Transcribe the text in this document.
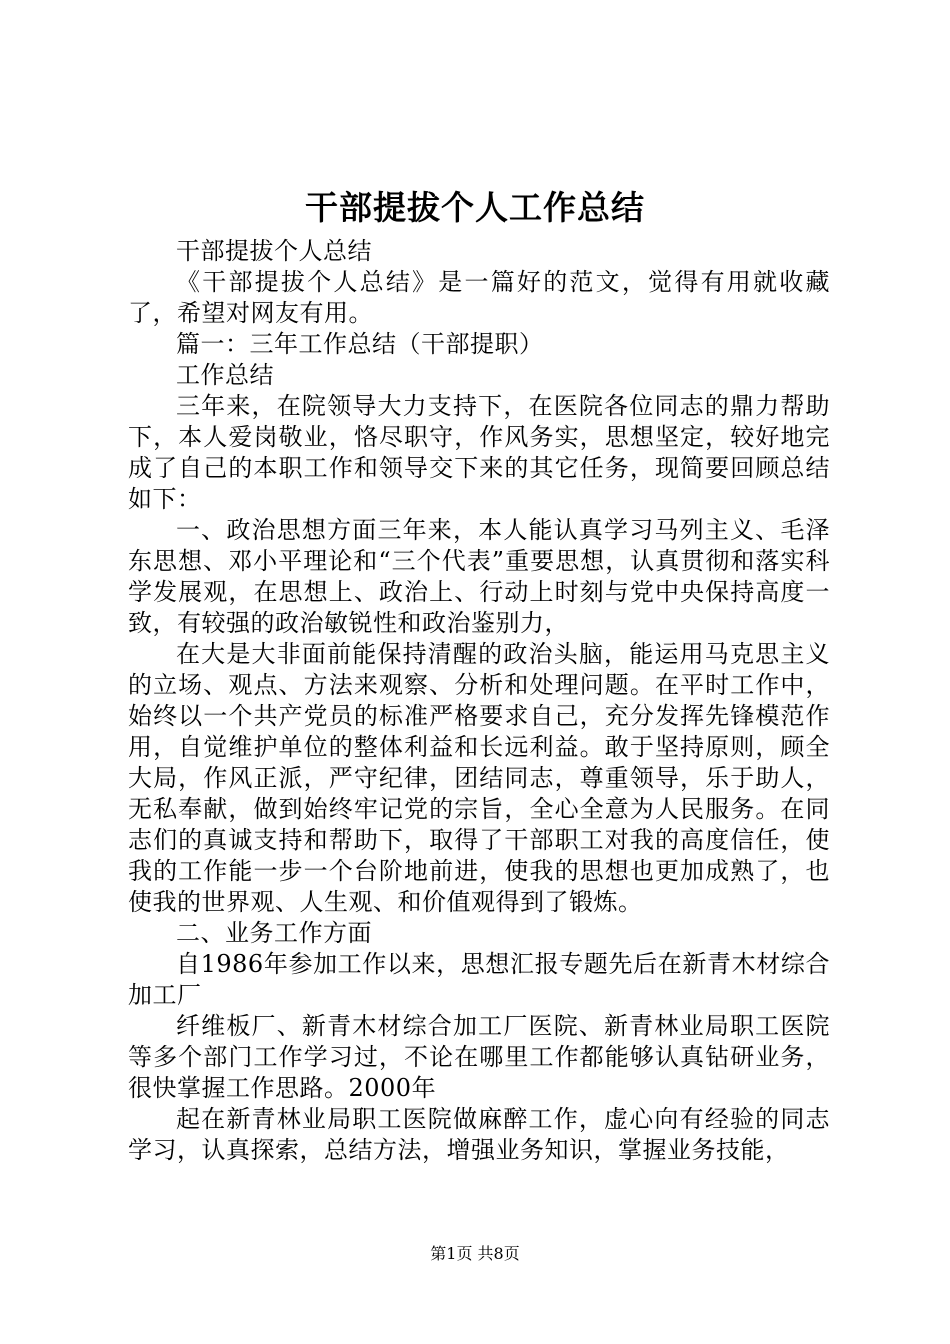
干部提拔个人工作总结

干部提拔个人总结

《干部提拔个人总结》是一篇好的范文，觉得有用就收藏了，希望对网友有用。

篇一：三年工作总结（干部提职）

工作总结

三年来，在院领导大力支持下，在医院各位同志的鼎力帮助下，本人爱岗敬业，恪尽职守，作风务实，思想坚定，较好地完成了自己的本职工作和领导交下来的其它任务，现简要回顾总结如下：

一、政治思想方面三年来，本人能认真学习马列主义、毛泽东思想、邓小平理论和“三个代表”重要思想，认真贯彻和落实科学发展观，在思想上、政治上、行动上时刻与党中央保持高度一致，有较强的政治敏锐性和政治鉴别力，

在大是大非面前能保持清醒的政治头脑，能运用马克思主义的立场、观点、方法来观察、分析和处理问题。在平时工作中，始终以一个共产党员的标准严格要求自己，充分发挥先锋模范作用，自觉维护单位的整体利益和长远利益。敢于坚持原则，顾全大局，作风正派，严守纪律，团结同志，尊重领导，乐于助人，无私奉献，做到始终牢记党的宗旨，全心全意为人民服务。在同志们的真诚支持和帮助下，取得了干部职工对我的高度信任，使我的工作能一步一个台阶地前进，使我的思想也更加成熟了，也使我的世界观、人生观、和价值观得到了锻炼。

二、业务工作方面

自1986年参加工作以来，思想汇报专题先后在新青木材综合加工厂

纤维板厂、新青木材综合加工厂医院、新青林业局职工医院等多个部门工作学习过，不论在哪里工作都能够认真钻研业务，很快掌握工作思路。2000年

起在新青林业局职工医院做麻醉工作，虚心向有经验的同志学习，认真探索，总结方法，增强业务知识，掌握业务技能，

第1页 共8页
